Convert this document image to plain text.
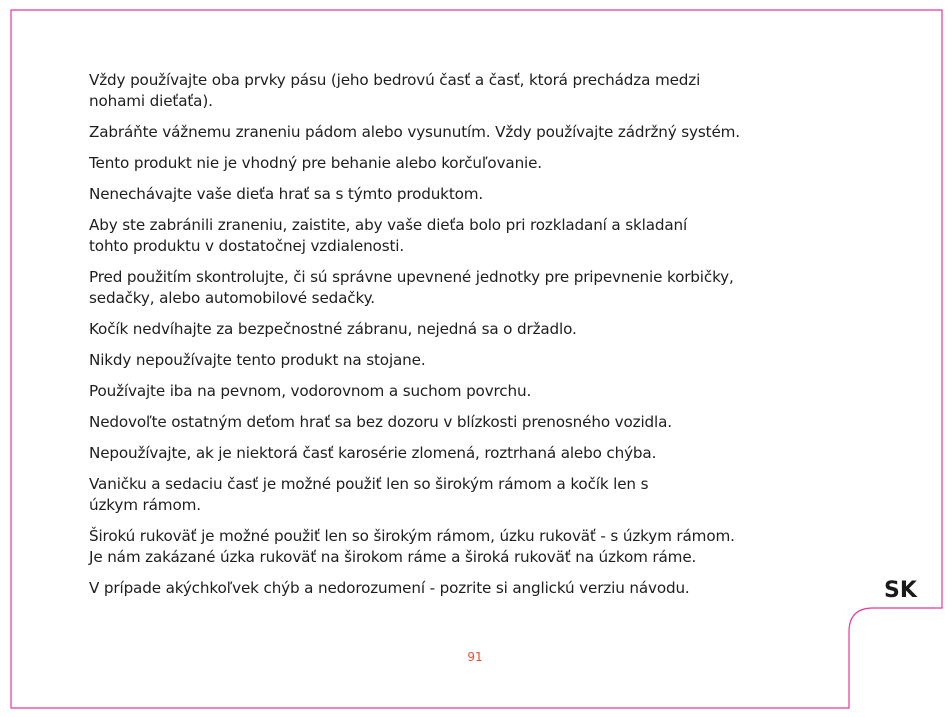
Vždy používajte oba prvky pásu (jeho bedrovú časť a časť, ktorá prechádza medzi
nohami dieťaťa).

Zabráňte vážnemu zraneniu pádom alebo vysunutím. Vždy používajte zádržný systém.

Tento produkt nie je vhodný pre behanie alebo korčuľovanie.

Nenechávajte vaše dieťa hrať sa s týmto produktom.

Aby ste zabránili zraneniu, zaistite, aby vaše dieťa bolo pri rozkladaní a skladaní
tohto produktu v dostatočnej vzdialenosti.

Pred použitím skontrolujte, či sú správne upevnené jednotky pre pripevnenie korbičky,
sedačky, alebo automobilové sedačky.

Kočík nedvíhajte za bezpečnostné zábranu, nejedná sa o držadlo.

Nikdy nepoužívajte tento produkt na stojane.

Používajte iba na pevnom, vodorovnom a suchom povrchu.

Nedovoľte ostatným deťom hrať sa bez dozoru v blízkosti prenosného vozidla.

Nepoužívajte, ak je niektorá časť karosérie zlomená, roztrhaná alebo chýba.

Vaničku a sedaciu časť je možné použiť len so širokým rámom a kočík len s
úzkym rámom.

Širokú rukoväť je možné použiť len so širokým rámom, úzku rukoväť - s úzkym rámom.
Je nám zakázané úzka rukoväť na širokom ráme a široká rukoväť na úzkom ráme.

V prípade akýchkoľvek chýb a nedorozumení - pozrite si anglickú verziu návodu.	SK
91
